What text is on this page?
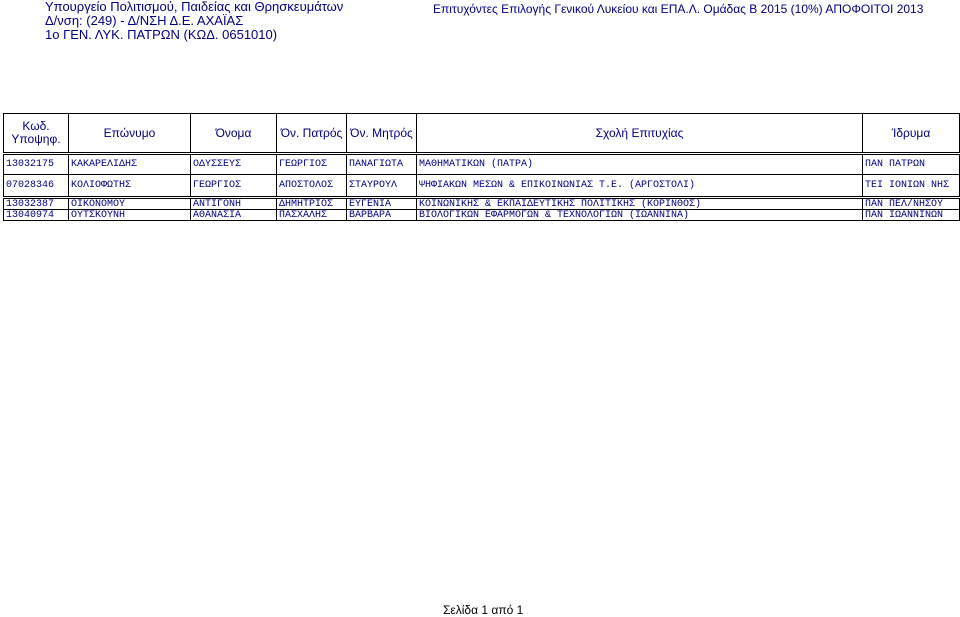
Υπουργείο Πολιτισμού, Παιδείας και Θρησκευμάτων
Δ/νση: (249) - Δ/ΝΣΗ Δ.Ε. ΑΧΑΪΑΣ
1ο ΓΕΝ. ΛΥΚ. ΠΑΤΡΩΝ (ΚΩΔ. 0651010)
Επιτυχόντες Επιλογής Γενικού Λυκείου και ΕΠΑ.Λ. Ομάδας Β 2015 (10%) ΑΠΟΦΟΙΤΟΙ 2013
Κωδ.
Υποψηφ.	Επώνυμο	Όνομα	Όν. Πατρός Όν. Μητρός	Σχολή Επιτυχίας	Ίδρυμα
13032175	ΚΑΚΑΡΕΛΙΔΗΣ	ΟΔΥΣΣΕΥΣ	ΓΕΩΡΓΙΟΣ	ΠΑΝΑΓΙΩΤΑ	ΜΑΘΗΜΑΤΙΚΩΝ (ΠΑΤΡΑ)	ΠΑΝ ΠΑΤΡΩΝ
07028346	ΚΟΛΙΟΦΩΤΗΣ	ΓΕΩΡΓΙΟΣ	ΑΠΟΣΤΟΛΟΣ	ΣΤΑΥΡΟΥΛ	ΨΗΦΙΑΚΩΝ ΜΕΣΩΝ & ΕΠΙΚΟΙΝΩΝΙΑΣ Τ.Ε. (ΑΡΓΟΣΤΟΛΙ)	ΤΕΙ ΙΟΝΙΩΝ ΝΗΣ
13032387	ΟΙΚΟΝΟΜΟΥ	ΑΝΤΙΓΟΝΗ	ΔΗΜΗΤΡΙΟΣ	ΕΥΓΕΝΙΑ	ΚΟΙΝΩΝΙΚΗΣ & ΕΚΠΑΙΔΕΥΤΙΚΗΣ ΠΟΛΙΤΙΚΗΣ (ΚΟΡΙΝΘΟΣ)	ΠΑΝ ΠΕΛ/ΝΗΣΟΥ
13040974	ΟΥΤΣΚΟΥΝΗ	ΑΘΑΝΑΣΙΑ	ΠΑΣΧΑΛΗΣ	ΒΑΡΒΑΡΑ	ΒΙΟΛΟΓΙΚΩΝ ΕΦΑΡΜΟΓΩΝ & ΤΕΧΝΟΛΟΓΙΩΝ (ΙΩΑΝΝΙΝΑ)	ΠΑΝ ΙΩΑΝΝΙΝΩΝ
Σελίδα 1 από 1
